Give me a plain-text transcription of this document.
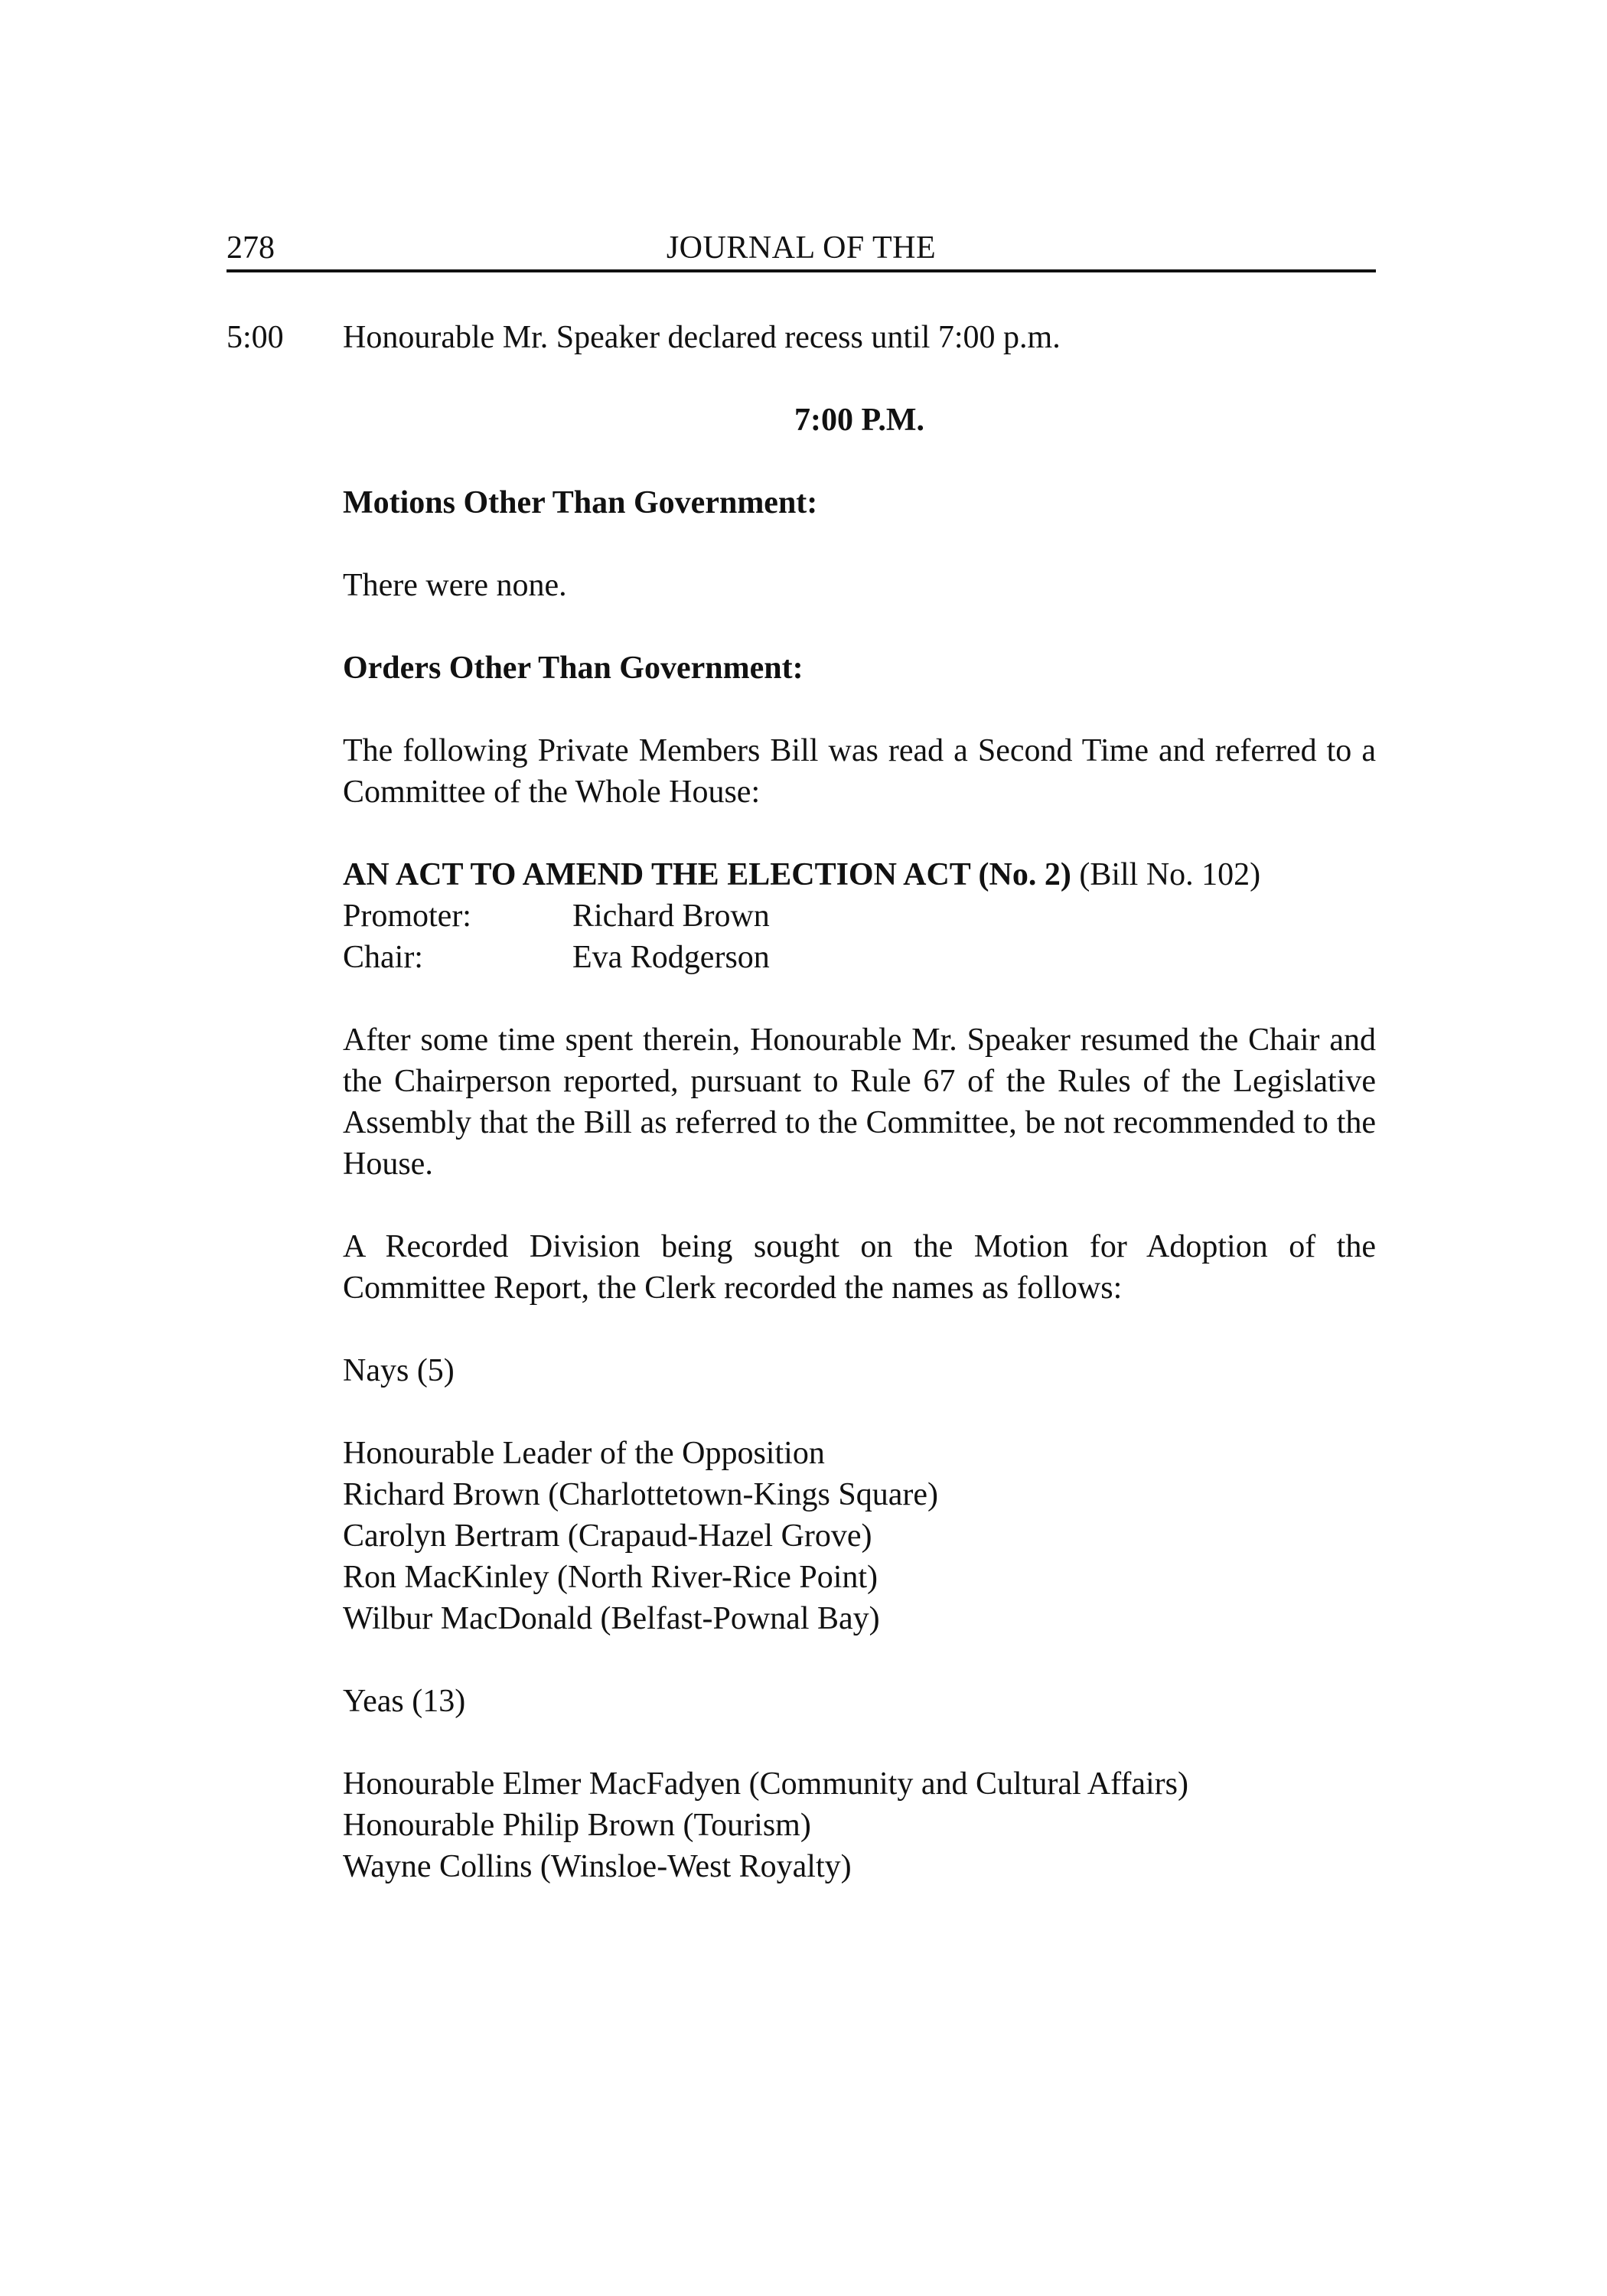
278	JOURNAL OF THE
5:00 Honourable Mr. Speaker declared recess until 7:00 p.m.
7:00 P.M.
Motions Other Than Government:
There were none.
Orders Other Than Government:
The following Private Members Bill was read a Second Time and referred to a Committee of the Whole House:
AN ACT TO AMEND THE ELECTION ACT (No. 2) (Bill No. 102)
Promoter:	Richard Brown
Chair:	Eva Rodgerson
After some time spent therein, Honourable Mr. Speaker resumed the Chair and the Chairperson reported, pursuant to Rule 67 of the Rules of the Legislative Assembly that the Bill as referred to the Committee, be not recommended to the House.
A Recorded Division being sought on the Motion for Adoption of the Committee Report, the Clerk recorded the names as follows:
Nays (5)
Honourable Leader of the Opposition
Richard Brown (Charlottetown-Kings Square)
Carolyn Bertram (Crapaud-Hazel Grove)
Ron MacKinley (North River-Rice Point)
Wilbur MacDonald (Belfast-Pownal Bay)
Yeas (13)
Honourable Elmer MacFadyen (Community and Cultural Affairs)
Honourable Philip Brown (Tourism)
Wayne Collins (Winsloe-West Royalty)
